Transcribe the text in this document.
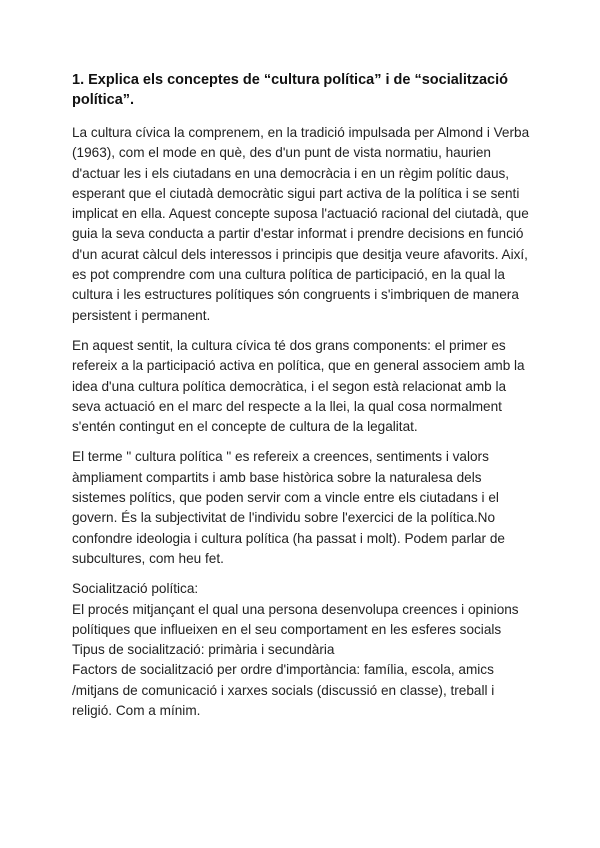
1. Explica els conceptes de “cultura política” i de “socialització política”.

La cultura cívica la comprenem, en la tradició impulsada per Almond i Verba (1963), com el mode en què, des d'un punt de vista normatiu, haurien d'actuar les i els ciutadans en una democràcia i en un règim polític daus, esperant que el ciutadà democràtic sigui part activa de la política i se senti implicat en ella. Aquest concepte suposa l'actuació racional del ciutadà, que guia la seva conducta a partir d'estar informat i prendre decisions en funció d'un acurat càlcul dels interessos i principis que desitja veure afavorits. Així, es pot comprendre com una cultura política de participació, en la qual la cultura i les estructures polítiques són congruents i s'imbriquen de manera persistent i permanent.

En aquest sentit, la cultura cívica té dos grans components: el primer es refereix a la participació activa en política, que en general associem amb la idea d'una cultura política democràtica, i el segon està relacionat amb la seva actuació en el marc del respecte a la llei, la qual cosa normalment s'entén contingut en el concepte de cultura de la legalitat.

El terme " cultura política " es refereix a creences, sentiments i valors àmpliament compartits i amb base històrica sobre la naturalesa dels sistemes polítics, que poden servir com a vincle entre els ciutadans i el govern. És la subjectivitat de l'individu sobre l'exercici de la política.No confondre ideologia i cultura política (ha passat i molt). Podem parlar de subcultures, com heu fet.

Socialització política:
El procés mitjançant el qual una persona desenvolupa creences i opinions polítiques que influeixen en el seu comportament en les esferes socials
Tipus de socialització: primària i secundària
Factors de socialització per ordre d'importància: família, escola, amics /mitjans de comunicació i xarxes socials (discussió en classe), treball i religió. Com a mínim.
